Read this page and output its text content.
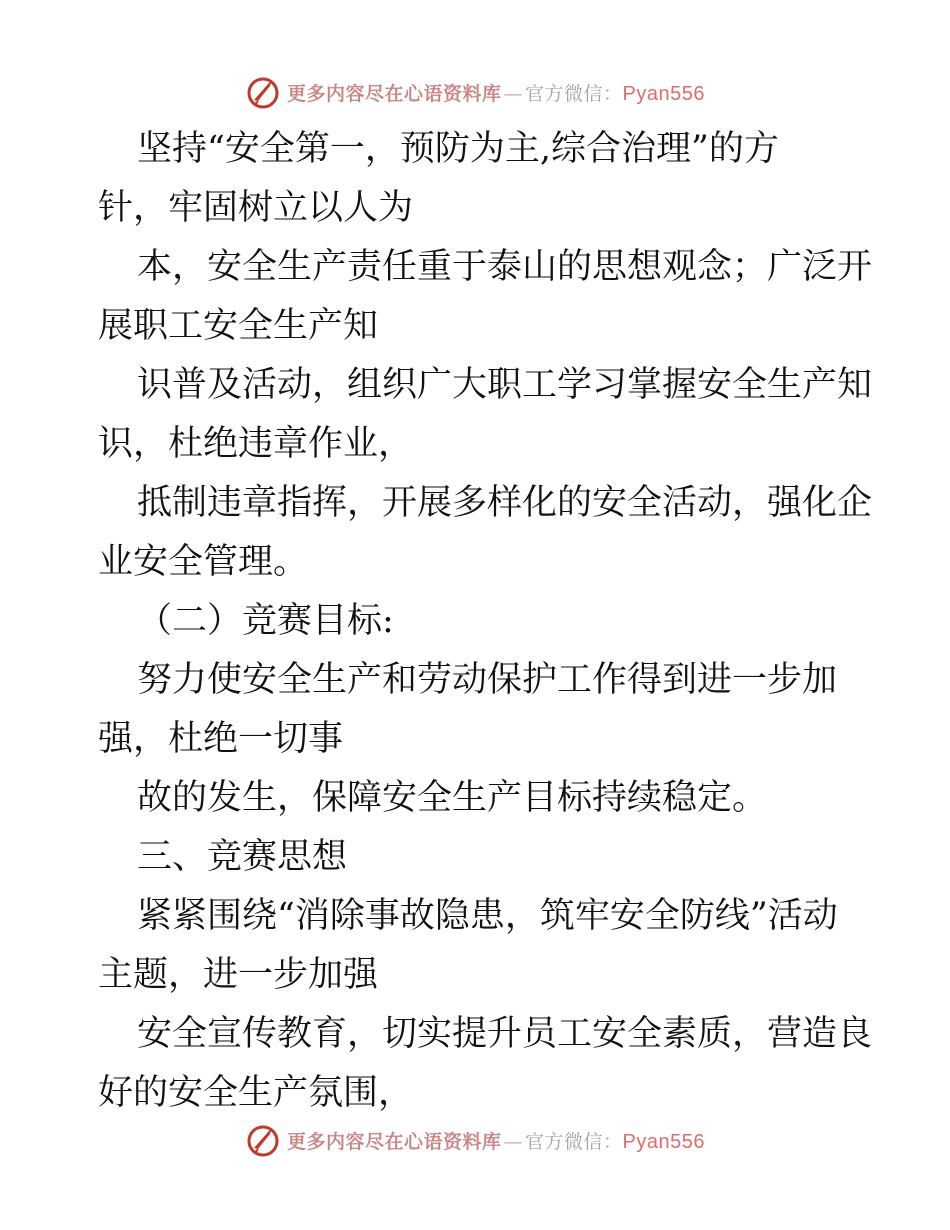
更多内容尽在心语资料库 — 官方微信：Pyan556

坚持“安全第一，预防为主,综合治理”的方
针，牢固树立以人为

本，安全生产责任重于泰山的思想观念；广泛开
展职工安全生产知

识普及活动，组织广大职工学习掌握安全生产知
识，杜绝违章作业，

抵制违章指挥，开展多样化的安全活动，强化企
业安全管理。

（二）竞赛目标:

努力使安全生产和劳动保护工作得到进一步加
强，杜绝一切事

故的发生，保障安全生产目标持续稳定。

三、竞赛思想

紧紧围绕“消除事故隐患，筑牢安全防线”活动
主题，进一步加强

安全宣传教育，切实提升员工安全素质，营造良
好的安全生产氛围，

更多内容尽在心语资料库 — 官方微信：Pyan556
